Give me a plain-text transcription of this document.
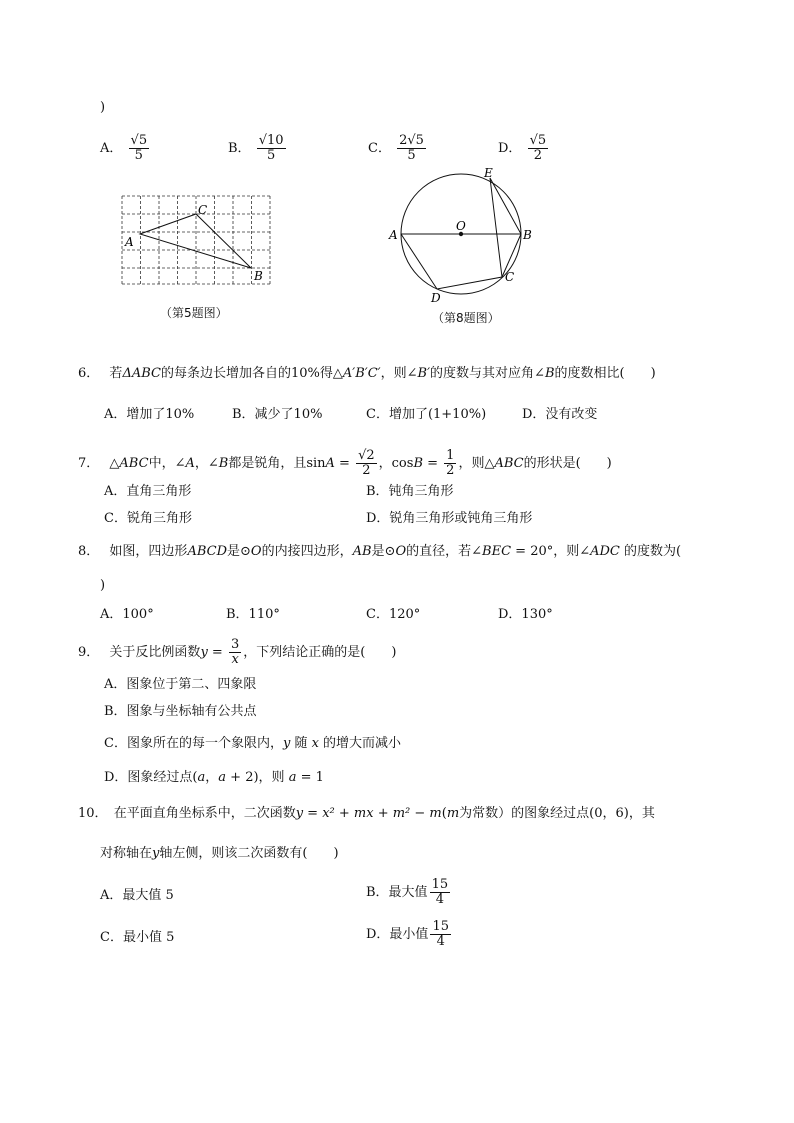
)
A． $\frac{√5}{5}$	B． $\frac{√10}{5}$	C． $\frac{2√5}{5}$	D． $\frac{√5}{2}$
A
C
B
（第5题图）
O
A	B
C
D
E
（第8题图）
6． 若ΔABC的每条边长增加各自的10%得△A′B′C′，则∠B′的度数与其对应角∠B的度数相比(　　)
A．增加了10%	B．减少了10%	C．增加了(1+10%)	D．没有改变
7． △ABC中，∠A，∠B都是锐角，且$\sin A = \frac{√2}{2}$ ，$\cos B = \frac{1}{2}$ ，则△ABC的形状是(　　)
A．直角三角形	B．钝角三角形
C．锐角三角形	D．锐角三角形或钝角三角形
8． 如图，四边形ABCD是⊙O的内接四边形，AB是⊙O的直径，若∠BEC = 20°，则∠ADC 的度数为(
)
A．100°	B．110°	C．120°	D．130°
9． 关于反比例函数$y = \frac{3}{x}$ ，下列结论正确的是(　　)
A．图象位于第二、四象限
B．图象与坐标轴有公共点
C．图象所在的每一个象限内，y 随 x 的增大而减小
D．图象经过点(a，a + 2)，则 a = 1
10． 在平面直角坐标系中，二次函数y = x² + mx + m² − m(m为常数）的图象经过点(0，6)，其
对称轴在y轴左侧，则该二次函数有(　　)
A．最大值 5	B．最大值 $\frac{15}{4}$
C．最小值 5	D．最小值 $\frac{15}{4}$
